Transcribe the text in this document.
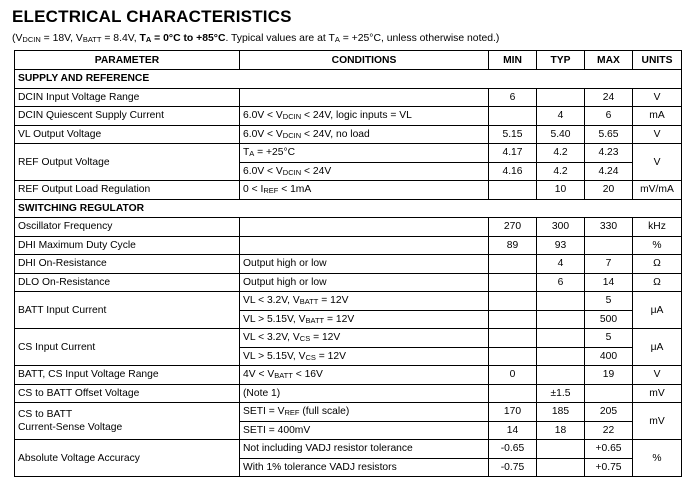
ELECTRICAL CHARACTERISTICS

($V_{DCIN} = 18V$, $V_{BATT} = 8.4V$, $T_A = 0^\circ C$ to +85°C. Typical values are at $T_A = +25^\circ C$, unless otherwise noted.)

PARAMETER	CONDITIONS	MIN	TYP	MAX	UNITS
SUPPLY AND REFERENCE					
DCIN Input Voltage Range		6		24	V
DCIN Quiescent Supply Current	$6.0V < V_{DCIN} < 24V$, logic inputs = VL		4	6	mA
VL Output Voltage	$6.0V < V_{DCIN} < 24V$, no load	5.15	5.40	5.65	V
REF Output Voltage	$T_A = +25^\circ C$	4.17	4.2	4.23	V
	$6.0V < V_{DCIN} < 24V$	4.16	4.2	4.24	
REF Output Load Regulation	$0 < I_{REF} < 1mA$		10	20	mV/mA
SWITCHING REGULATOR					
Oscillator Frequency		270	300	330	kHz
DHI Maximum Duty Cycle		89	93		%
DHI On-Resistance	Output high or low		4	7	Ω
DLO On-Resistance	Output high or low		6	14	Ω
BATT Input Current	VL < 3.2V, $V_{BATT} = 12V$			5	μA
	VL > 5.15V, $V_{BATT} = 12V$			500	
CS Input Current	VL < 3.2V, $V_{CS} = 12V$			5	μA
	VL > 5.15V, $V_{CS} = 12V$			400	
BATT, CS Input Voltage Range	$4V < V_{BATT} < 16V$	0		19	V
CS to BATT Offset Voltage	(Note 1)		±1.5		mV
CS to BATT
Current-Sense Voltage	SETI = $V_{REF}$ (full scale)	170	185	205	mV
	SETI = 400mV	14	18	22	
Absolute Voltage Accuracy	Not including VADJ resistor tolerance	-0.65		+0.65	%
	With 1% tolerance VADJ resistors	-0.75		+0.75	
